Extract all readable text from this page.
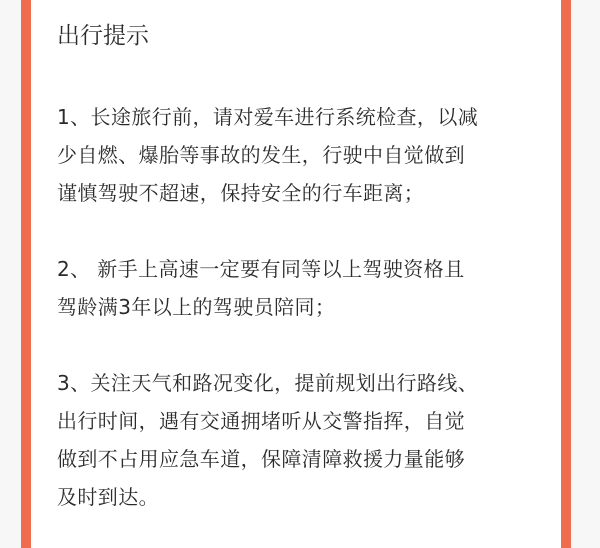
出行提示

1、长途旅行前，请对爱车进行系统检查，以减
少自燃、爆胎等事故的发生，行驶中自觉做到
谨慎驾驶不超速，保持安全的行车距离；

2、 新手上高速一定要有同等以上驾驶资格且
驾龄满3年以上的驾驶员陪同；

3、关注天气和路况变化，提前规划出行路线、
出行时间，遇有交通拥堵听从交警指挥，自觉
做到不占用应急车道，保障清障救援力量能够
及时到达。
